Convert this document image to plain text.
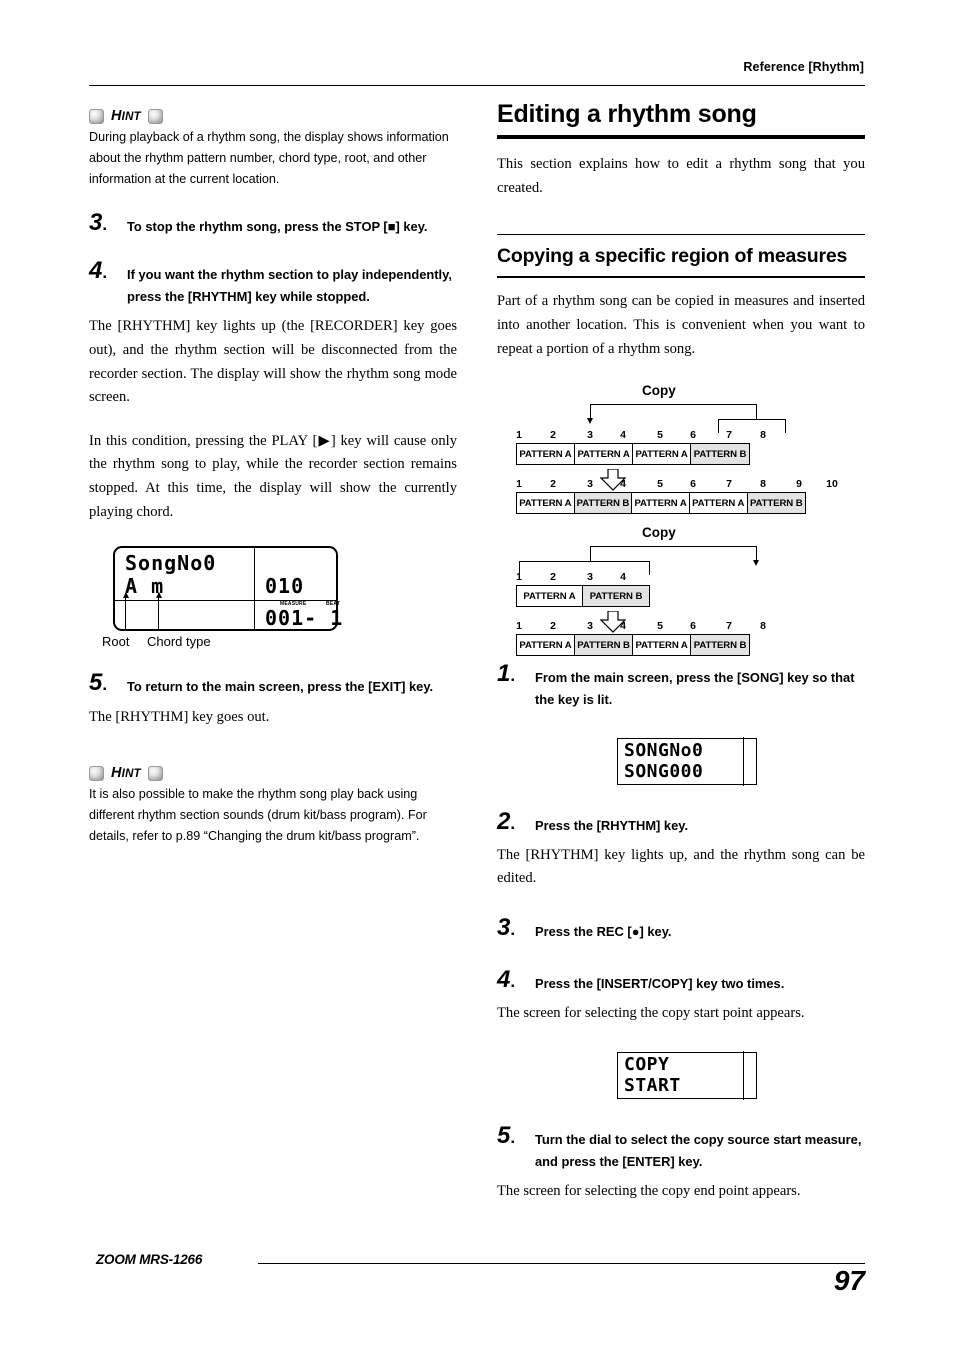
Reference [Rhythm]
HINT
During playback of a rhythm song, the display shows information about the rhythm pattern number, chord type, root, and other information at the current location.
3.	To stop the rhythm song, press the STOP [■] key.
4.	If you want the rhythm section to play independently, press the [RHYTHM] key while stopped.
The [RHYTHM] key lights up (the [RECORDER] key goes out), and the rhythm section will be disconnected from the recorder section. The display will show the rhythm song mode screen.
In this condition, pressing the PLAY [▶] key will cause only the rhythm song to play, while the recorder section remains stopped. At this time, the display will show the currently playing chord.
SongNo0
A m	010
MEASURE	BEAT
001- 1
Root Chord type
5.	To return to the main screen, press the [EXIT] key.
The [RHYTHM] key goes out.
HINT
It is also possible to make the rhythm song play back using different rhythm section sounds (drum kit/bass program). For details, refer to p.89 “Changing the drum kit/bass program”.
Editing a rhythm song
This section explains how to edit a rhythm song that you created.
Copying a specific region of measures
Part of a rhythm song can be copied in measures and inserted into another location. This is convenient when you want to repeat a portion of a rhythm song.
Copy
1	2	3	4	5	6	7	8
PATTERN A PATTERN A PATTERN A PATTERN B
1	2	3	4	5	6	7	8	9 10
PATTERN A PATTERN B PATTERN A PATTERN A PATTERN B
Copy
1	2	3	4
PATTERN A	PATTERN B
1	2	3	4	5	6	7	8
PATTERN A PATTERN B PATTERN A PATTERN B
1.	From the main screen, press the [SONG] key so that the key is lit.
SONGNo0
SONG000
2.	Press the [RHYTHM] key.
The [RHYTHM] key lights up, and the rhythm song can be edited.
3.	Press the REC [●] key.
4.	Press the [INSERT/COPY] key two times.
The screen for selecting the copy start point appears.
COPY
START
5.	Turn the dial to select the copy source start measure, and press the [ENTER] key.
The screen for selecting the copy end point appears.
ZOOM MRS-1266
97
